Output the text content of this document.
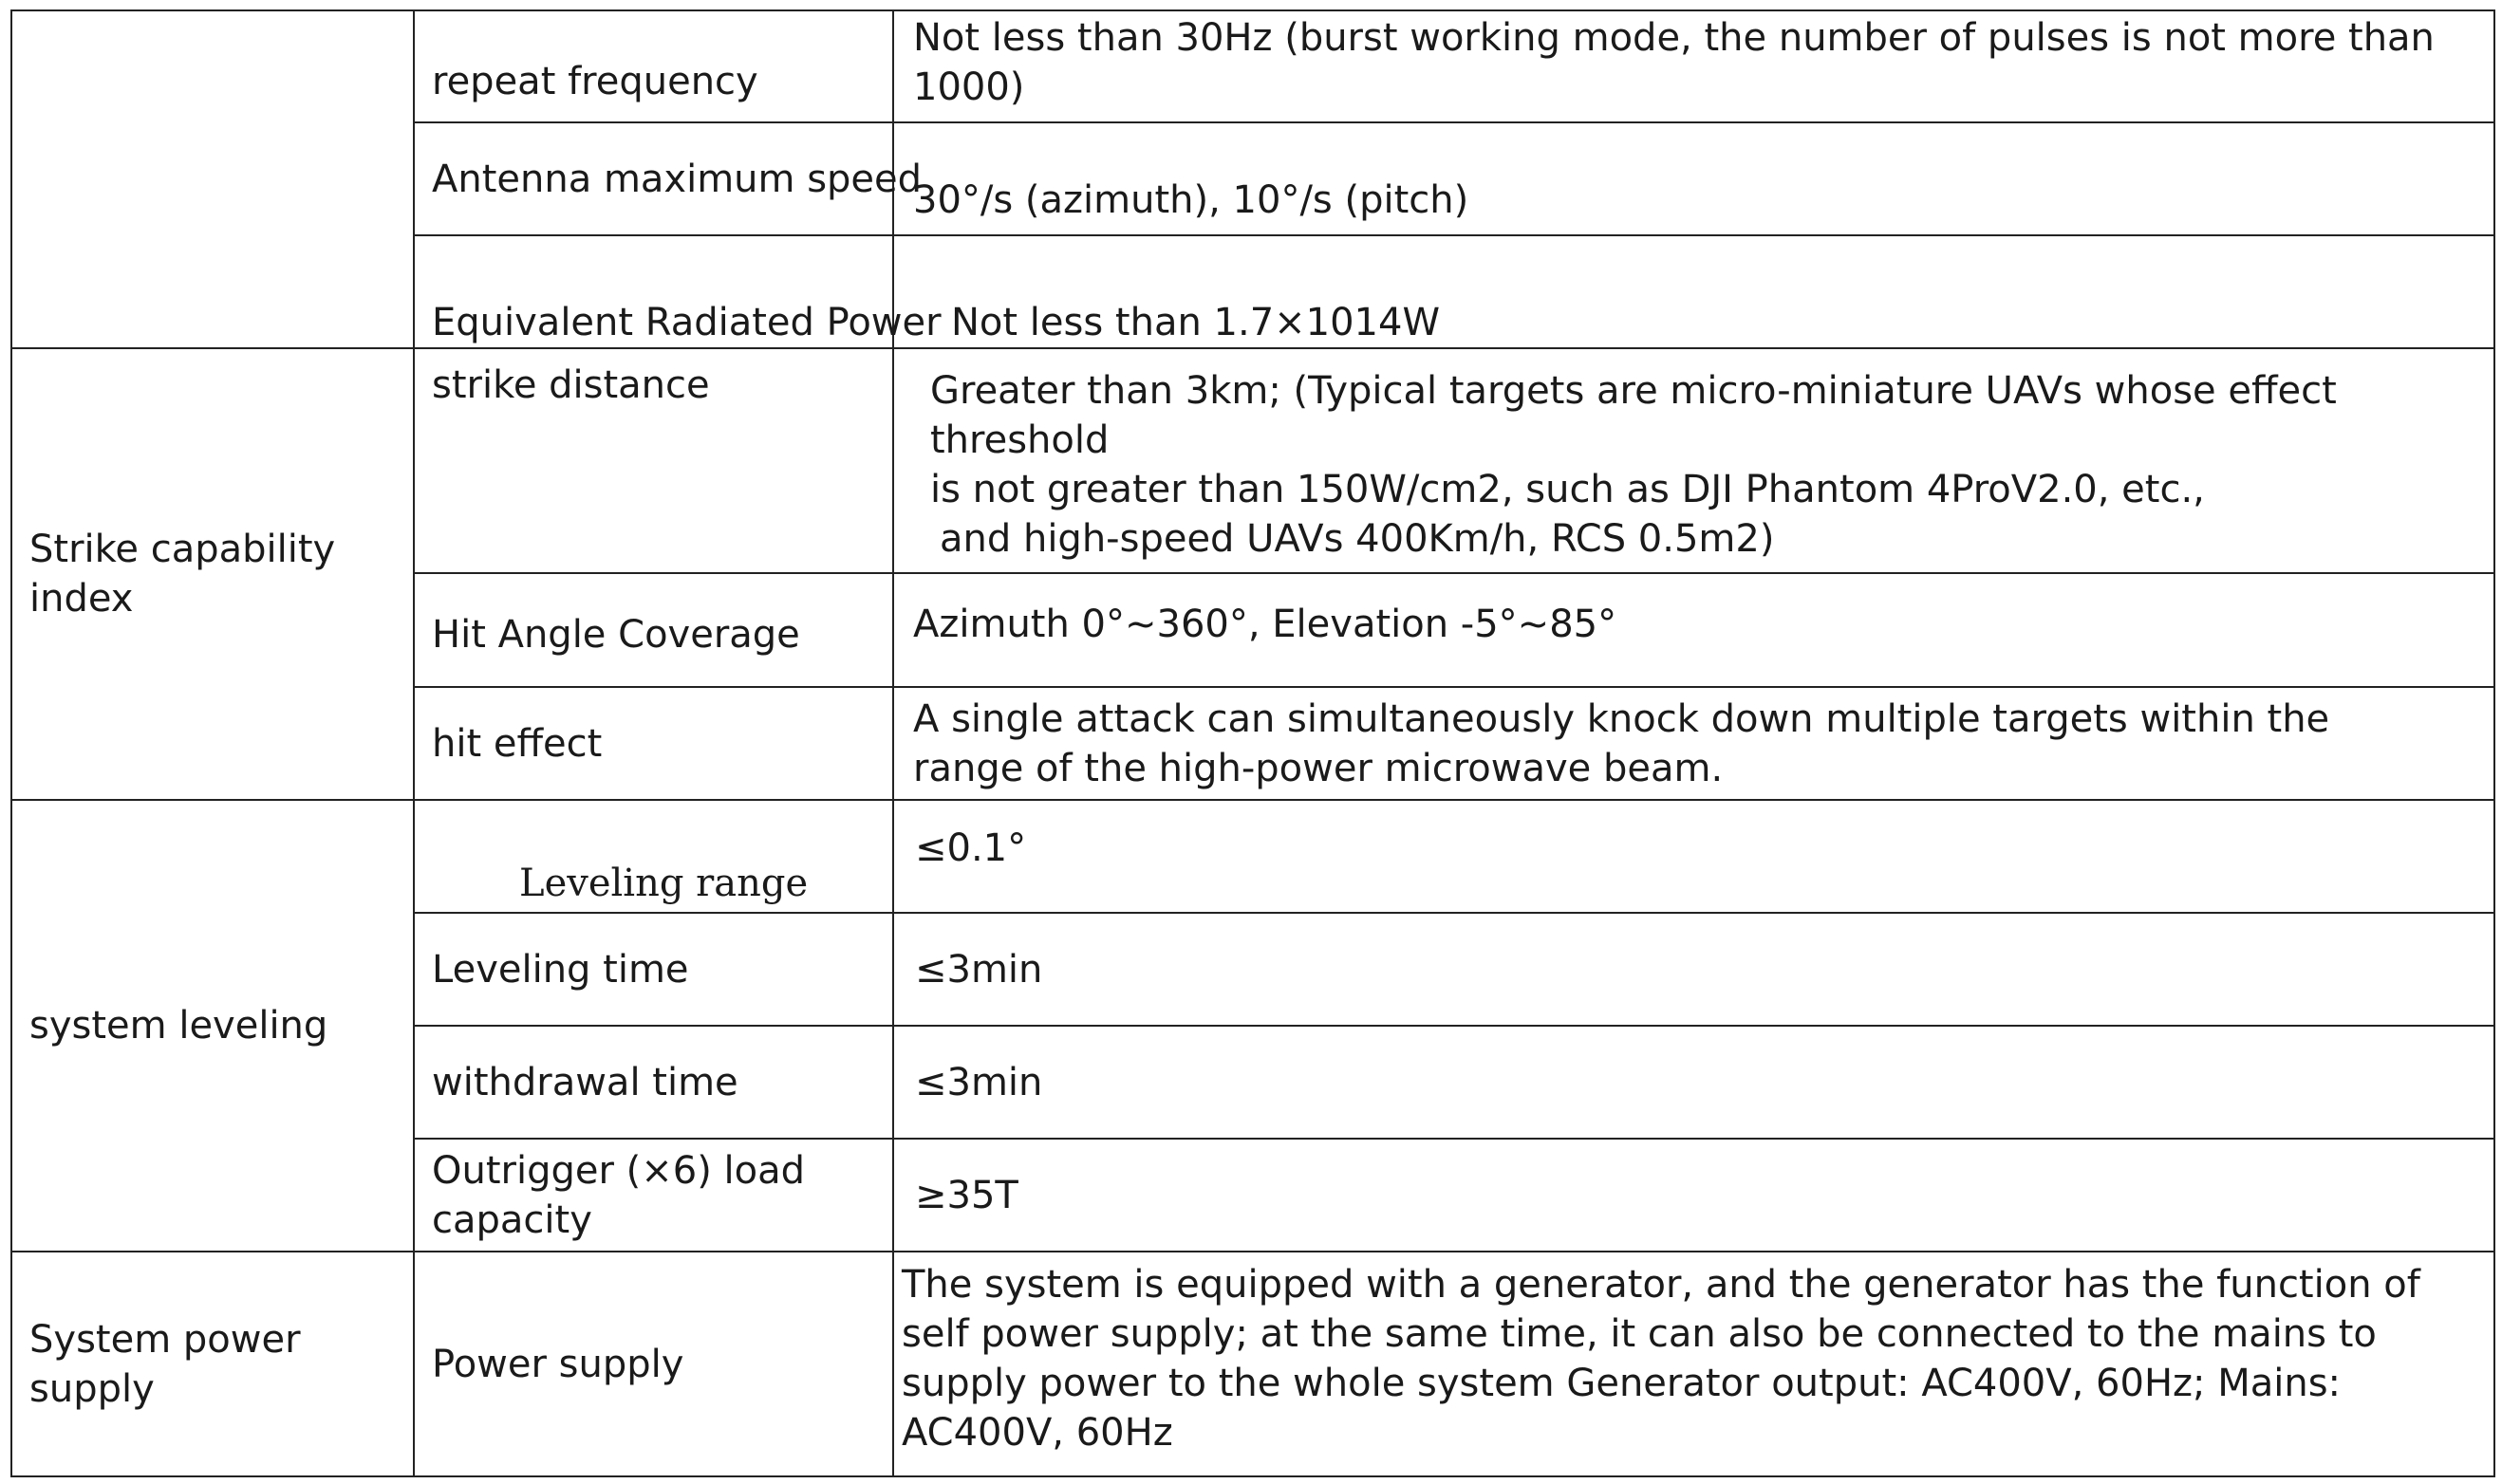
	repeat frequency	Not less than 30Hz (burst working mode, the number of pulses is not more than 1000)
	Antenna maximum speed	30°/s (azimuth), 10°/s (pitch)
	Equivalent Radiated Power	Not less than 1.7×1014W
Strike capability index	strike distance	Greater than 3km; (Typical targets are micro-miniature UAVs whose effect threshold
is not greater than 150W/cm2, such as DJI Phantom 4ProV2.0, etc.,
and high-speed UAVs 400Km/h, RCS 0.5m2)

	Hit Angle Coverage	Azimuth 0°~360°, Elevation -5°~85°
	hit effect	A single attack can simultaneously knock down multiple targets within the range of the high-power microwave beam.
system leveling	Leveling range	≤0.1°
	Leveling time	≤3min
	withdrawal time	≤3min
	Outrigger (×6) load capacity	≥35T
System power supply	Power supply	The system is equipped with a generator, and the generator has the function of self power supply; at the same time, it can also be connected to the mains to supply power to the whole system Generator output: AC400V, 60Hz; Mains: AC400V, 60Hz
